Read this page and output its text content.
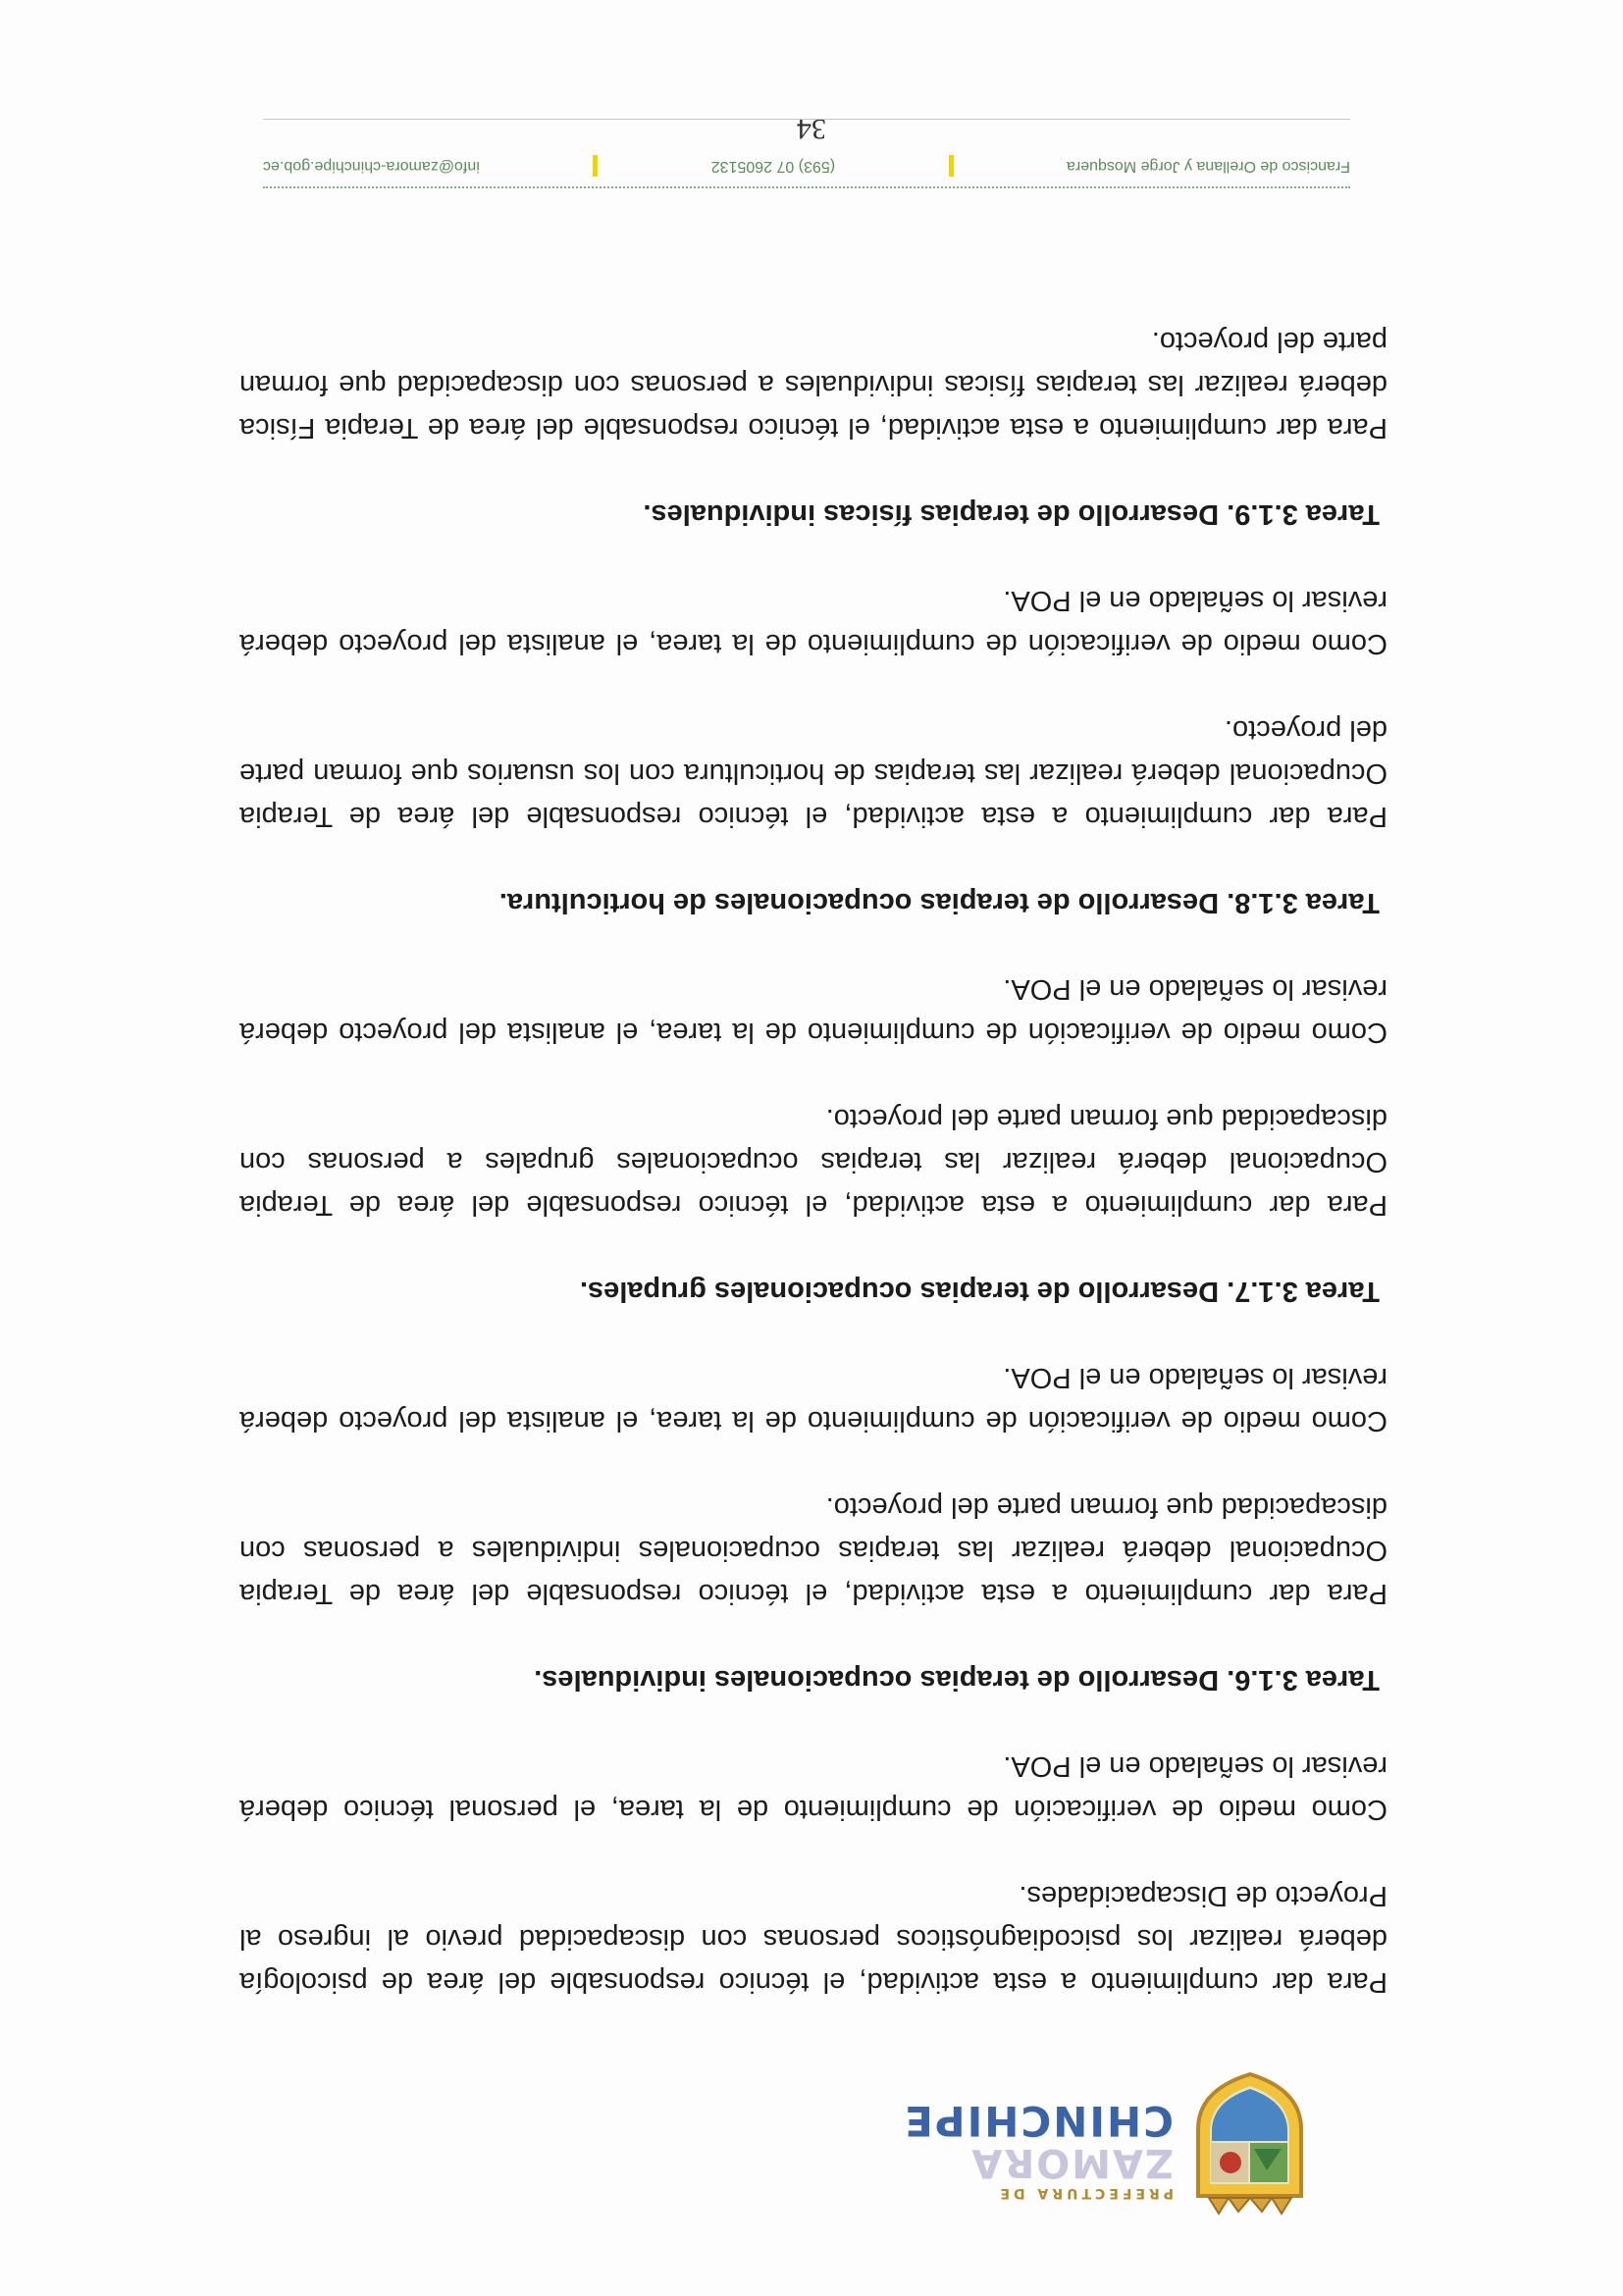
PREFECTURA DE
ZAMORA
CHINCHIPE

Para dar cumplimiento a esta actividad, el técnico responsable del área de psicología deberá realizar los psicodiagnósticos personas con discapacidad previo al ingreso al Proyecto de Discapacidades.

Como medio de verificación de cumplimiento de la tarea, el personal técnico deberá revisar lo señalado en el POA.

Tarea 3.1.6. Desarrollo de terapias ocupacionales individuales.

Para dar cumplimiento a esta actividad, el técnico responsable del área de Terapia Ocupacional deberá realizar las terapias ocupacionales individuales a personas con discapacidad que forman parte del proyecto.

Como medio de verificación de cumplimiento de la tarea, el analista del proyecto deberá revisar lo señalado en el POA.

Tarea 3.1.7. Desarrollo de terapias ocupacionales grupales.

Para dar cumplimiento a esta actividad, el técnico responsable del área de Terapia Ocupacional deberá realizar las terapias ocupacionales grupales a personas con discapacidad que forman parte del proyecto.

Como medio de verificación de cumplimiento de la tarea, el analista del proyecto deberá revisar lo señalado en el POA.

Tarea 3.1.8. Desarrollo de terapias ocupacionales de horticultura.

Para dar cumplimiento a esta actividad, el técnico responsable del área de Terapia Ocupacional deberá realizar las terapias de horticultura con los usuarios que forman parte del proyecto.

Como medio de verificación de cumplimiento de la tarea, el analista del proyecto deberá revisar lo señalado en el POA.

Tarea 3.1.9. Desarrollo de terapias físicas individuales.

Para dar cumplimiento a esta actividad, el técnico responsable del área de Terapia Física deberá realizar las terapias físicas individuales a personas con discapacidad que forman parte del proyecto.

Francisco de Orellana y Jorge Mosquera
(593) 07 2605132
info@zamora-chinchipe.gob.ec
34
